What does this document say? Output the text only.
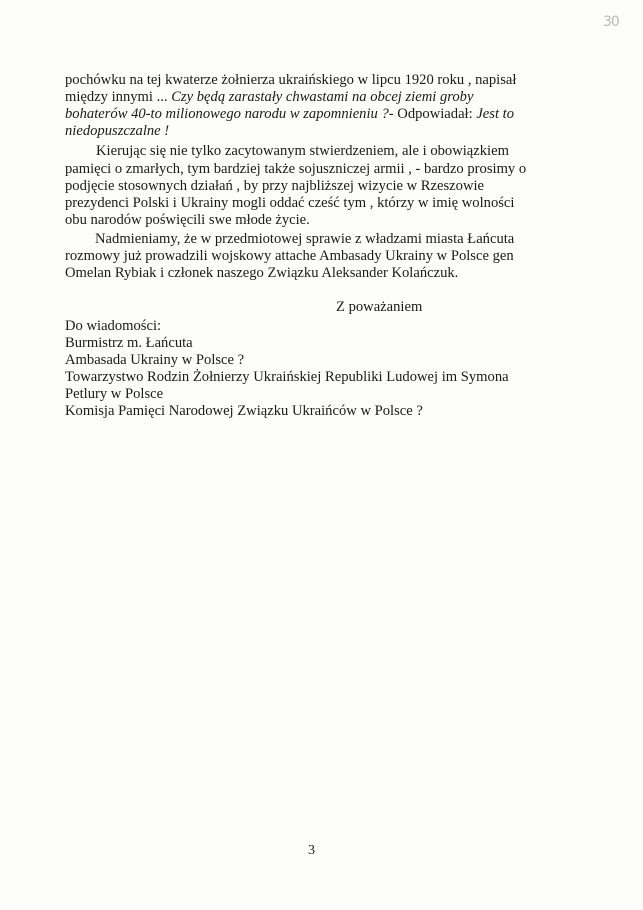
30
pochówku na tej kwaterze żołnierza ukraińskiego w lipcu 1920 roku , napisał
między innymi ... Czy będą zarastały chwastami na obcej ziemi groby
bohaterów 40-to milionowego narodu w zapomnieniu ?- Odpowiadał: Jest to
niedopuszczalne !
Kierując się nie tylko zacytowanym stwierdzeniem, ale i obowiązkiem
pamięci o zmarłych, tym bardziej także sojuszniczej armii , - bardzo prosimy o
podjęcie stosownych działań , by przy najbliższej wizycie w Rzeszowie
prezydenci Polski i Ukrainy mogli oddać cześć tym , którzy w imię wolności
obu narodów poświęcili swe młode życie.
Nadmieniamy, że w przedmiotowej sprawie z władzami miasta Łańcuta
rozmowy już prowadzili wojskowy attache Ambasady Ukrainy w Polsce gen
Omelan Rybiak i członek naszego Związku Aleksander Kolańczuk.
Z poważaniem
Do wiadomości:
Burmistrz m. Łańcuta
Ambasada Ukrainy w Polsce ?
Towarzystwo Rodzin Żołnierzy Ukraińskiej Republiki Ludowej im Symona
Petlury w Polsce
Komisja Pamięci Narodowej Związku Ukraińców w Polsce ?
3
